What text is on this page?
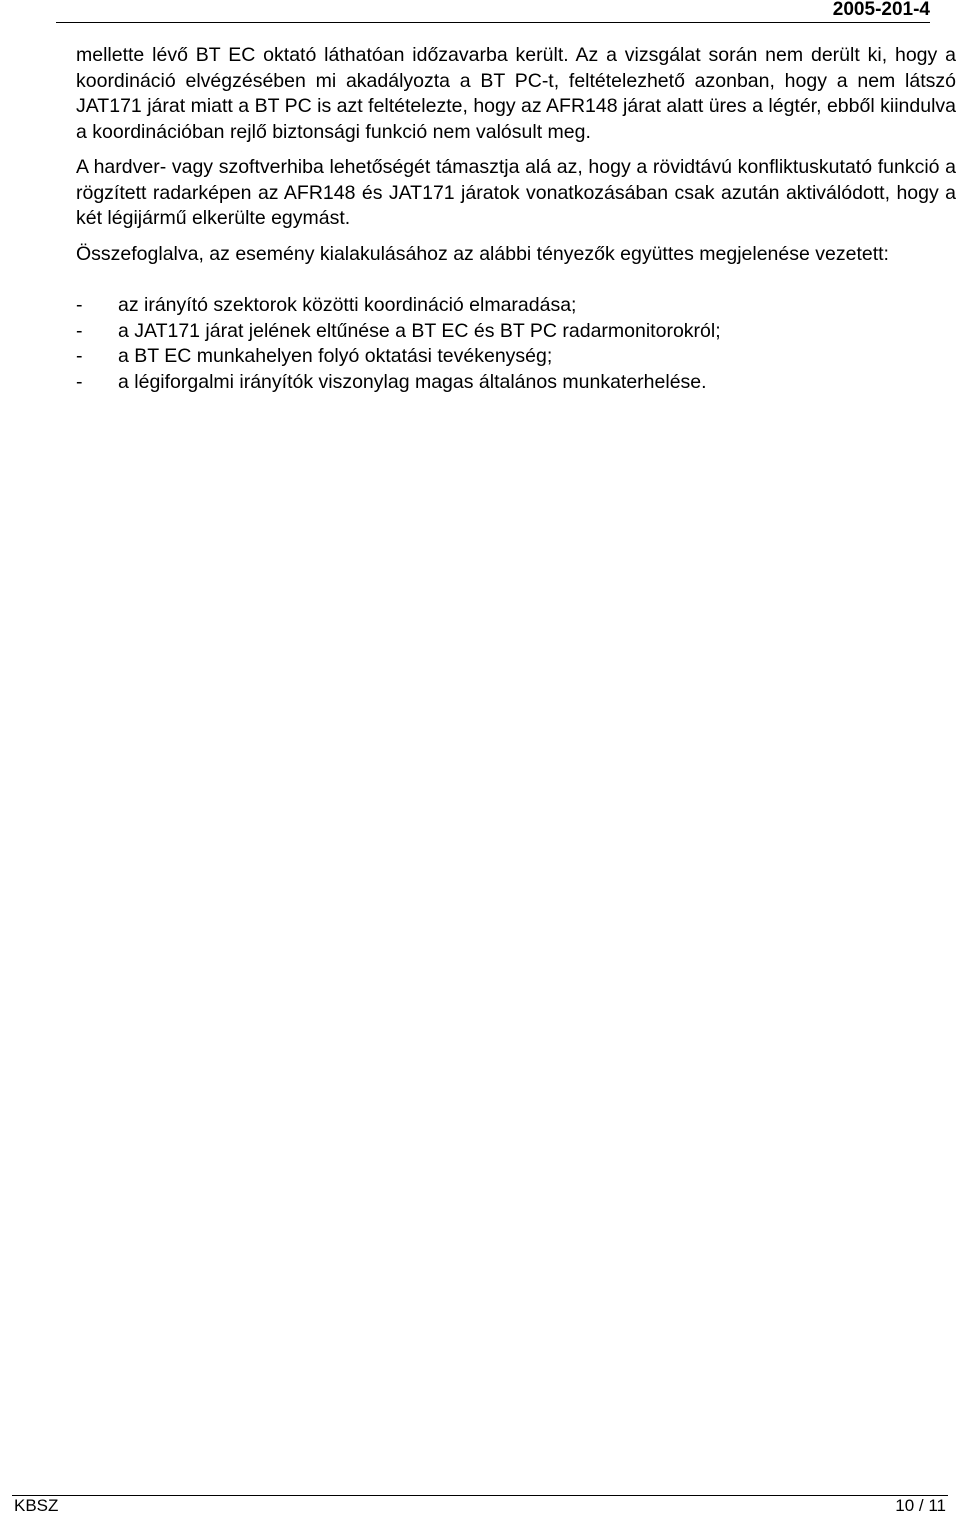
2005-201-4

mellette lévő BT EC oktató láthatóan időzavarba került. Az a vizsgálat során nem derült ki, hogy a koordináció elvégzésében mi akadályozta a BT PC-t, feltételezhető azonban, hogy a nem látszó JAT171 járat miatt a BT PC is azt feltételezte, hogy az AFR148 járat alatt üres a légtér, ebből kiindulva a koordinációban rejlő biztonsági funkció nem valósult meg.

A hardver- vagy szoftverhiba lehetőségét támasztja alá az, hogy a rövidtávú konfliktuskutató funkció a rögzített radarképen az AFR148 és JAT171 járatok vonatkozásában csak azután aktiválódott, hogy a két légijármű elkerülte egymást.

Összefoglalva, az esemény kialakulásához az alábbi tényezők együttes megjelenése vezetett:

-	az irányító szektorok közötti koordináció elmaradása;
-	a JAT171 járat jelének eltűnése a BT EC és BT PC radarmonitorokról;
-	a BT EC munkahelyen folyó oktatási tevékenység;
-	a légiforgalmi irányítók viszonylag magas általános munkaterhelése.
KBSZ	10 / 11
